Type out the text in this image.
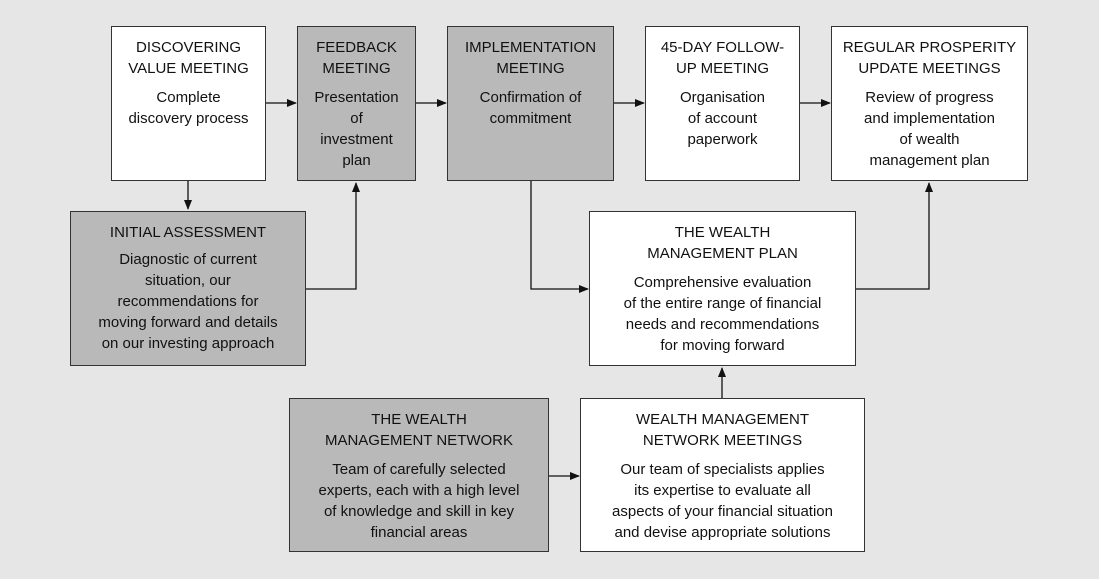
DISCOVERING
VALUE MEETING
Complete
discovery process
FEEDBACK
MEETING
Presentation
of
investment
plan
IMPLEMENTATION
MEETING
Confirmation of
commitment
45-DAY FOLLOW-
UP MEETING
Organisation
of account
paperwork
REGULAR PROSPERITY
UPDATE MEETINGS
Review of progress
and implementation
of wealth
management plan
INITIAL ASSESSMENT
Diagnostic of current
situation, our
recommendations for
moving forward and details
on our investing approach
THE WEALTH
MANAGEMENT PLAN
Comprehensive evaluation
of the entire range of financial
needs and recommendations
for moving forward
THE WEALTH
MANAGEMENT NETWORK
Team of carefully selected
experts, each with a high level
of knowledge and skill in key
financial areas
WEALTH MANAGEMENT
NETWORK MEETINGS
Our team of specialists applies
its expertise to evaluate all
aspects of your financial situation
and devise appropriate solutions
